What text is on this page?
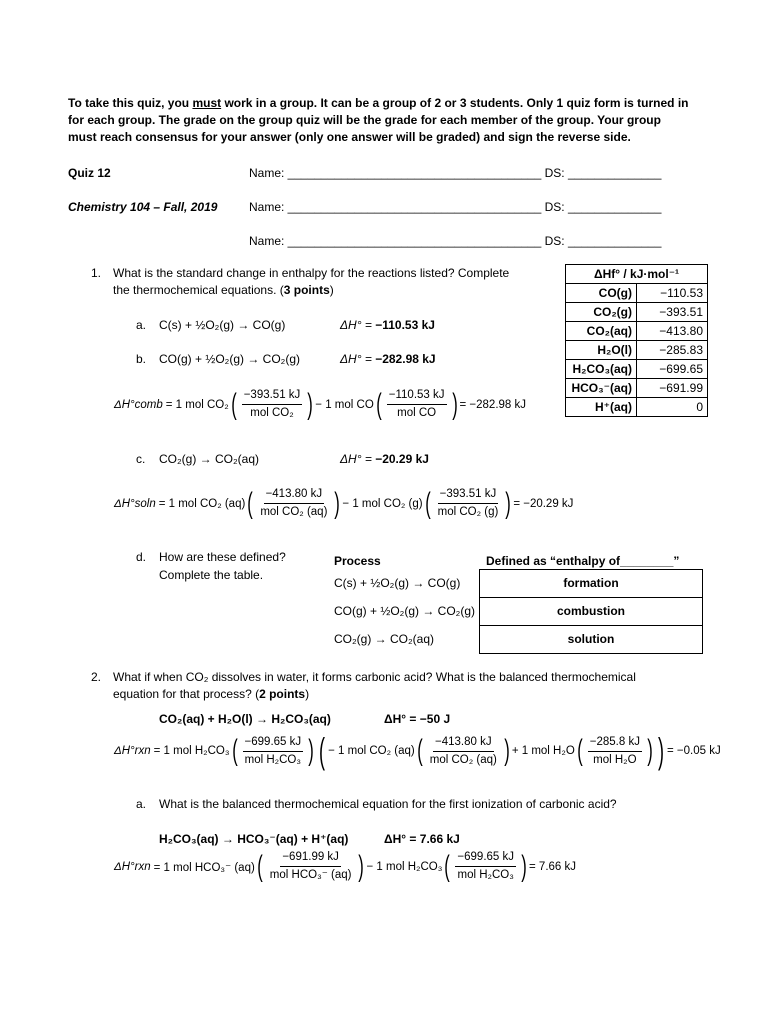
To take this quiz, you must work in a group. It can be a group of 2 or 3 students. Only 1 quiz form is turned in
for each group. The grade on the group quiz will be the grade for each member of the group. Your group
must reach consensus for your answer (only one answer will be graded) and sign the reverse side.
Quiz 12
Chemistry 104 – Fall, 2019
Name: ______________________________________ DS: ______________
Name: ______________________________________ DS: ______________
Name: ______________________________________ DS: ______________
1. What is the standard change in enthalpy for the reactions listed? Complete
the thermochemical equations. (3 points)
a. C(s) + ½O₂(g) → CO(g)	ΔH° = −110.53 kJ
b. CO(g) + ½O₂(g) → CO₂(g)	ΔH° = −282.98 kJ
ΔH°comb = 1 mol CO₂ ( $\frac{-393.51 kJ}{\text{mol CO₂}}$ ) − 1 mol CO ( $\frac{-110.53 kJ}{\text{mol CO}}$ ) = −282.98 kJ
c. CO₂(g) → CO₂(aq)	ΔH° = −20.29 kJ
ΔH°soln = 1 mol CO₂ (aq) ( $\frac{-413.80 kJ}{\text{mol CO₂ (aq)}}$ ) − 1 mol CO₂ (g) ( $\frac{-393.51 kJ}{\text{mol CO₂ (g)}}$ ) = −20.29 kJ
d. How are these defined?
Complete the table.
Process	Defined as “enthalpy of________”
C(s) + ½O₂(g) → CO(g)	formation
CO(g) + ½O₂(g) → CO₂(g)	combustion
CO₂(g) → CO₂(aq)	solution
ΔHf° / kJ·mol⁻¹	
CO(g)	−110.53
CO₂(g)	−393.51
CO₂(aq)	−413.80
H₂O(l)	−285.83
H₂CO₃(aq)	−699.65
HCO₃⁻(aq)	−691.99
H⁺(aq)	0
2. What if when CO₂ dissolves in water, it forms carbonic acid? What is the balanced thermochemical
equation for that process? (2 points)
CO₂(aq) + H₂O(l) → H₂CO₃(aq)	ΔH° = −50 J
ΔH°rxn = 1 mol H₂CO₃ ( $\frac{-699.65 kJ}{\text{mol H₂CO₃}}$ ) ( − 1 mol CO₂ (aq) ( $\frac{-413.80 kJ}{\text{mol CO₂ (aq)}}$ ) + 1 mol H₂O ( $\frac{-285.8 kJ}{\text{mol H₂O}}$ ) ) = −0.05 kJ
a. What is the balanced thermochemical equation for the first ionization of carbonic acid?
H₂CO₃(aq) → HCO₃⁻(aq) + H⁺(aq)	ΔH° = 7.66 kJ
ΔH°rxn = 1 mol HCO₃⁻ (aq) ( $\frac{-691.99 kJ}{\text{mol HCO₃⁻ (aq)}}$ ) − 1 mol H₂CO₃ ( $\frac{-699.65 kJ}{\text{mol H₂CO₃}}$ ) = 7.66 kJ
